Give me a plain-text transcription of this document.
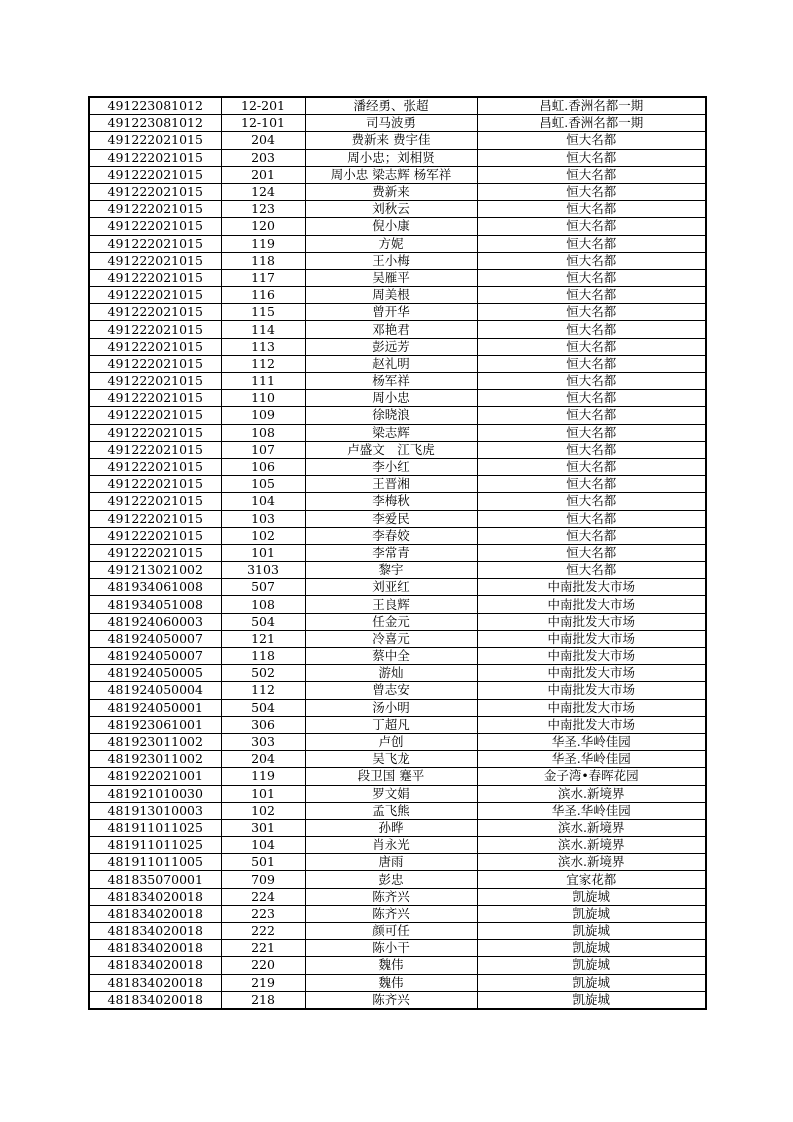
491223081012	12-201	潘经勇、张超	昌虹.香洲名都一期
491223081012	12-101	司马波勇	昌虹.香洲名都一期
491222021015	204	费新来 费宇佳	恒大名都
491222021015	203	周小忠；刘相贤	恒大名都
491222021015	201	周小忠 梁志辉 杨军祥	恒大名都
491222021015	124	费新来	恒大名都
491222021015	123	刘秋云	恒大名都
491222021015	120	倪小康	恒大名都
491222021015	119	方妮	恒大名都
491222021015	118	王小梅	恒大名都
491222021015	117	吴雁平	恒大名都
491222021015	116	周美根	恒大名都
491222021015	115	曾开华	恒大名都
491222021015	114	邓艳君	恒大名都
491222021015	113	彭远芳	恒大名都
491222021015	112	赵礼明	恒大名都
491222021015	111	杨军祥	恒大名都
491222021015	110	周小忠	恒大名都
491222021015	109	徐晓浪	恒大名都
491222021015	108	梁志辉	恒大名都
491222021015	107	卢盛文　江飞虎	恒大名都
491222021015	106	李小红	恒大名都
491222021015	105	王晋湘	恒大名都
491222021015	104	李梅秋	恒大名都
491222021015	103	李爱民	恒大名都
491222021015	102	李春姣	恒大名都
491222021015	101	李常青	恒大名都
491213021002	3103	黎宇	恒大名都
481934061008	507	刘亚红	中南批发大市场
481934051008	108	王良辉	中南批发大市场
481924060003	504	任金元	中南批发大市场
481924050007	121	冷喜元	中南批发大市场
481924050007	118	蔡中全	中南批发大市场
481924050005	502	游灿	中南批发大市场
481924050004	112	曾志安	中南批发大市场
481924050001	504	汤小明	中南批发大市场
481923061001	306	丁超凡	中南批发大市场
481923011002	303	卢创	华圣.华岭佳园
481923011002	204	吴飞龙	华圣.华岭佳园
481922021001	119	段卫国 蹇平	金子湾•春晖花园
481921010030	101	罗文娟	滨水.新境界
481913010003	102	孟飞熊	华圣.华岭佳园
481911011025	301	孙晔	滨水.新境界
481911011025	104	肖永光	滨水.新境界
481911011005	501	唐雨	滨水.新境界
481835070001	709	彭忠	宜家花都
481834020018	224	陈齐兴	凯旋城
481834020018	223	陈齐兴	凯旋城
481834020018	222	颜可任	凯旋城
481834020018	221	陈小干	凯旋城
481834020018	220	魏伟	凯旋城
481834020018	219	魏伟	凯旋城
481834020018	218	陈齐兴	凯旋城
